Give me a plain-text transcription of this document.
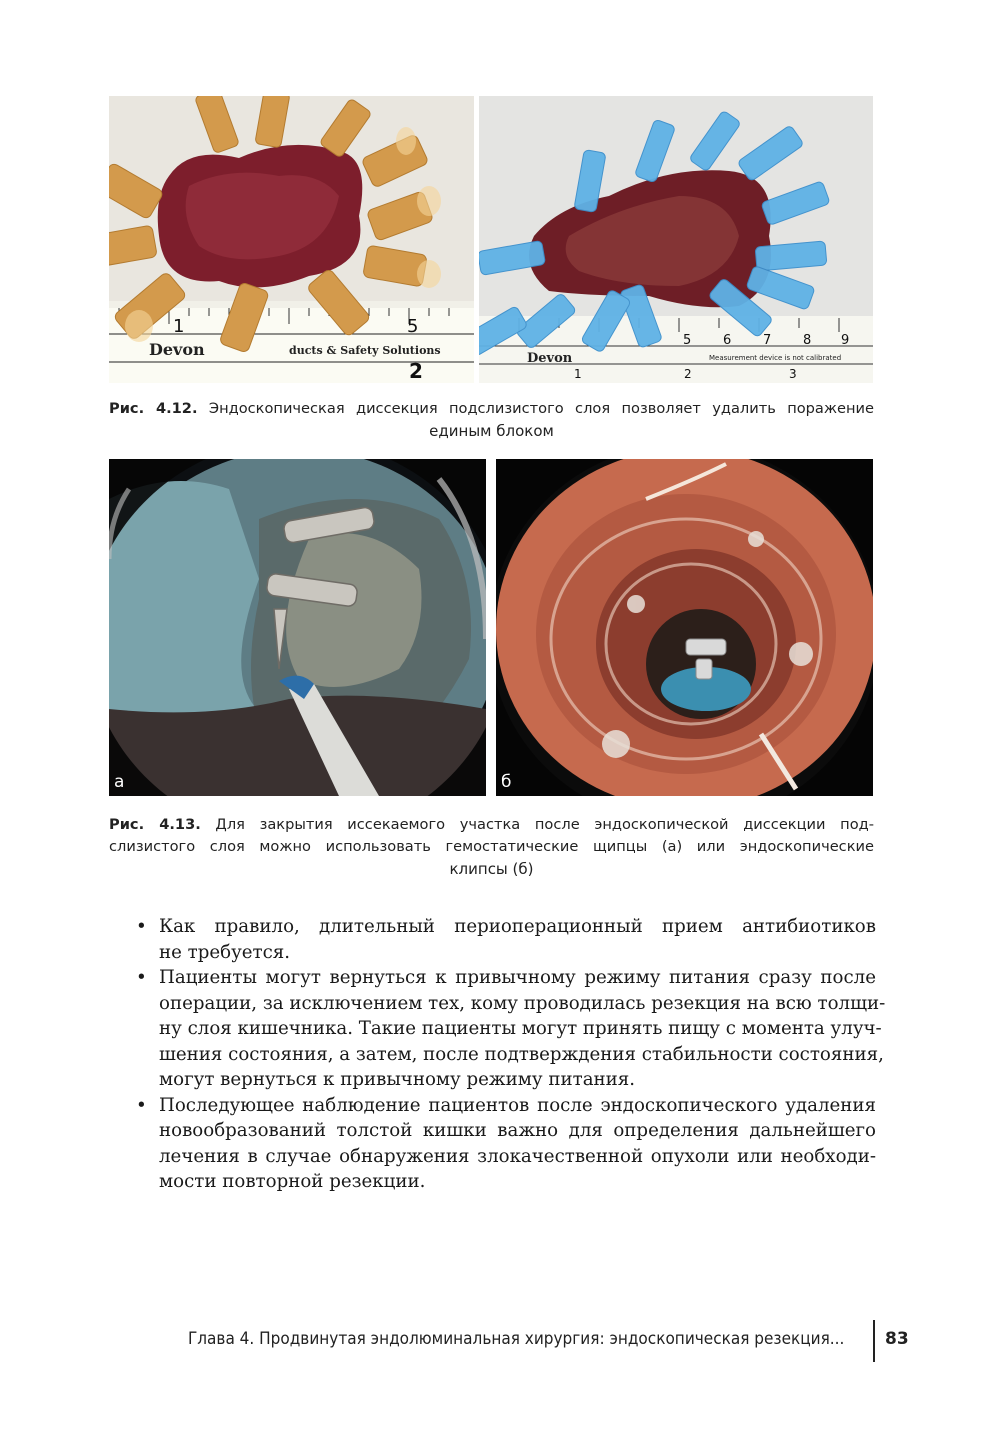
1	5
2
Devon	ducts & Safety Solutions
5 6 7 8 9
Devon	Measurement device is not calibrated
1	2	3
Рис. 4.12. Эндоскопическая диссекция подслизистого слоя позволяет удалить поражение
единым блоком
а	б
Рис. 4.13. Для закрытия иссекаемого участка после эндоскопической диссекции под-
слизистого слоя можно использовать гемостатические щипцы (а) или эндоскопические
клипсы (б)
• Как правило, длительный периоперационный прием антибиотиков
не требуется.
• Пациенты могут вернуться к привычному режиму питания сразу после
операции, за исключением тех, кому проводилась резекция на всю толщи-
ну слоя кишечника. Такие пациенты могут принять пищу с момента улуч-
шения состояния, а затем, после подтверждения стабильности состояния,
могут вернуться к привычному режиму питания.
• Последующее наблюдение пациентов после эндоскопического удаления
новообразований толстой кишки важно для определения дальнейшего
лечения в случае обнаружения злокачественной опухоли или необходи-
мости повторной резекции.
Глава 4. Продвинутая эндолюминальная хирургия: эндоскопическая резекция... 83
